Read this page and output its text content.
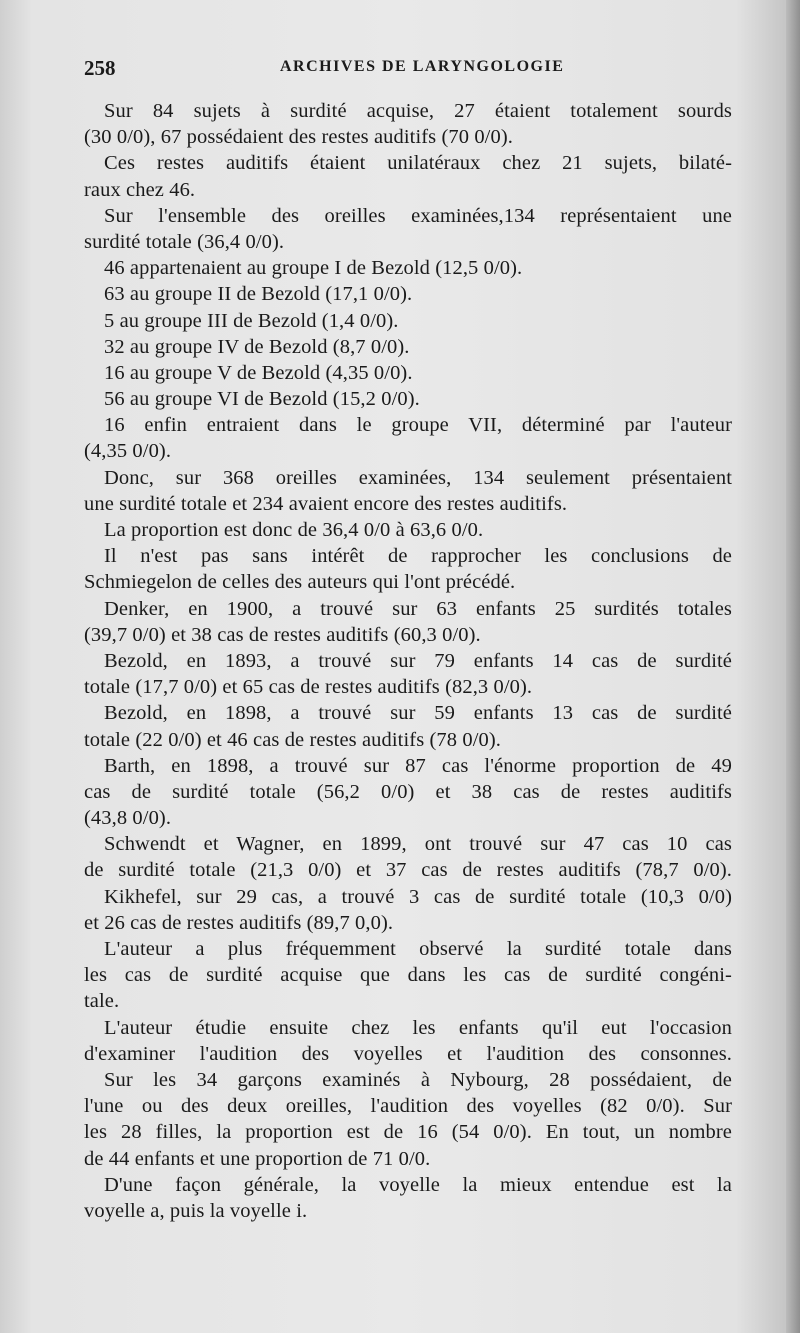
258	ARCHIVES DE LARYNGOLOGIE
Sur 84 sujets à surdité acquise, 27 étaient totalement sourds
(30 0/0), 67 possédaient des restes auditifs (70 0/0).
Ces restes auditifs étaient unilatéraux chez 21 sujets, bilaté-
raux chez 46.
Sur l'ensemble des oreilles examinées,134 représentaient une
surdité totale (36,4 0/0).
46 appartenaient au groupe I de Bezold (12,5 0/0).
63 au groupe II de Bezold (17,1 0/0).
5 au groupe III de Bezold (1,4 0/0).
32 au groupe IV de Bezold (8,7 0/0).
16 au groupe V de Bezold (4,35 0/0).
56 au groupe VI de Bezold (15,2 0/0).
16 enfin entraient dans le groupe VII, déterminé par l'auteur
(4,35 0/0).
Donc, sur 368 oreilles examinées, 134 seulement présentaient
une surdité totale et 234 avaient encore des restes auditifs.
La proportion est donc de 36,4 0/0 à 63,6 0/0.
Il n'est pas sans intérêt de rapprocher les conclusions de
Schmiegelon de celles des auteurs qui l'ont précédé.
Denker, en 1900, a trouvé sur 63 enfants 25 surdités totales
(39,7 0/0) et 38 cas de restes auditifs (60,3 0/0).
Bezold, en 1893, a trouvé sur 79 enfants 14 cas de surdité
totale (17,7 0/0) et 65 cas de restes auditifs (82,3 0/0).
Bezold, en 1898, a trouvé sur 59 enfants 13 cas de surdité
totale (22 0/0) et 46 cas de restes auditifs (78 0/0).
Barth, en 1898, a trouvé sur 87 cas l'énorme proportion de 49
cas de surdité totale (56,2 0/0) et 38 cas de restes auditifs
(43,8 0/0).
Schwendt et Wagner, en 1899, ont trouvé sur 47 cas 10 cas
de surdité totale (21,3 0/0) et 37 cas de restes auditifs (78,7 0/0).
Kikhefel, sur 29 cas, a trouvé 3 cas de surdité totale (10,3 0/0)
et 26 cas de restes auditifs (89,7 0,0).
L'auteur a plus fréquemment observé la surdité totale dans
les cas de surdité acquise que dans les cas de surdité congéni-
tale.
L'auteur étudie ensuite chez les enfants qu'il eut l'occasion
d'examiner l'audition des voyelles et l'audition des consonnes.
Sur les 34 garçons examinés à Nybourg, 28 possédaient, de
l'une ou des deux oreilles, l'audition des voyelles (82 0/0). Sur
les 28 filles, la proportion est de 16 (54 0/0). En tout, un nombre
de 44 enfants et une proportion de 71 0/0.
D'une façon générale, la voyelle la mieux entendue est la
voyelle a, puis la voyelle i.
